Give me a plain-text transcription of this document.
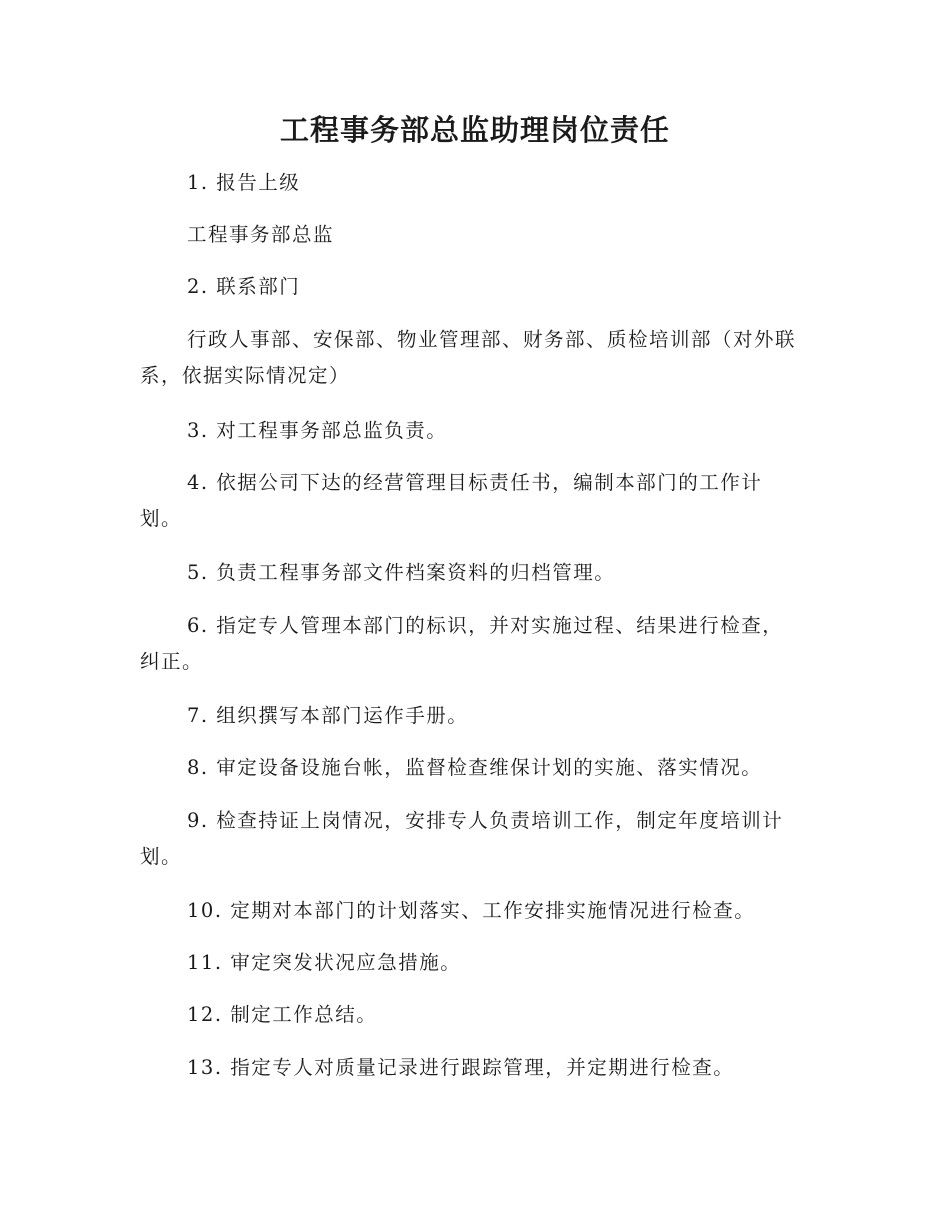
工程事务部总监助理岗位责任

1. 报告上级

工程事务部总监

2. 联系部门

行政人事部、安保部、物业管理部、财务部、质检培训部（对外联系，依据实际情况定）

3. 对工程事务部总监负责。

4. 依据公司下达的经营管理目标责任书，编制本部门的工作计划。

5. 负责工程事务部文件档案资料的归档管理。

6. 指定专人管理本部门的标识，并对实施过程、结果进行检查，纠正。

7. 组织撰写本部门运作手册。

8. 审定设备设施台帐，监督检查维保计划的实施、落实情况。

9. 检查持证上岗情况，安排专人负责培训工作，制定年度培训计划。

10. 定期对本部门的计划落实、工作安排实施情况进行检查。

11. 审定突发状况应急措施。

12. 制定工作总结。

13. 指定专人对质量记录进行跟踪管理，并定期进行检查。
